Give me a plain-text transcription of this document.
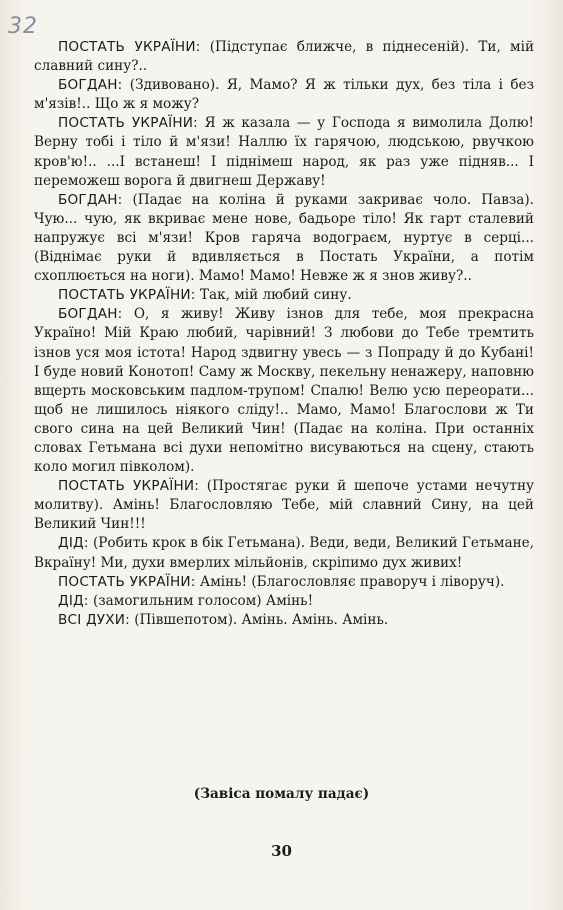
32

ПОСТАТЬ УКРАЇНИ: (Підступає ближче, в піднесеній). Ти, мій славний сину?..

БОГДАН: (Здивовано). Я, Мамо? Я ж тільки дух, без тіла і без м'язів!.. Що ж я можу?

ПОСТАТЬ УКРАЇНИ: Я ж казала — у Господа я вимолила Долю! Верну тобі і тіло й м'язи! Наллю їх гарячою, людською, рвучкою кров'ю!.. ...І встанеш! І піднімеш народ, як раз уже підняв... І переможеш ворога й двигнеш Державу!

БОГДАН: (Падає на коліна й руками закриває чоло. Павза). Чую... чую, як вкриває мене нове, бадьоре тіло! Як гарт сталевий напружує всі м'язи! Кров гаряча водограєм, нуртує в серці... (Віднімає руки й вдивляється в Постать України, а потім схоплюється на ноги). Мамо! Мамо! Невже ж я знов живу?..

ПОСТАТЬ УКРАЇНИ: Так, мій любий сину.

БОГДАН: О, я живу! Живу ізнов для тебе, моя прекрасна Україно! Мій Краю любий, чарівний! З любови до Тебе тремтить ізнов уся моя істота! Народ здвигну увесь — з Попраду й до Кубані! І буде новий Конотоп! Саму ж Москву, пекельну ненажеру, наповню вщерть московським падлом-трупом! Спалю! Велю усю переорати... щоб не лишилось ніякого сліду!.. Мамо, Мамо! Благослови ж Ти свого сина на цей Великий Чин! (Падає на коліна. При останніх словах Гетьмана всі духи непомітно висуваються на сцену, стають коло могил півколом).

ПОСТАТЬ УКРАЇНИ: (Простягає руки й шепоче устами нечутну молитву). Амінь! Благословляю Тебе, мій славний Сину, на цей Великий Чин!!!

ДІД: (Робить крок в бік Гетьмана). Веди, веди, Великий Гетьмане, Вкраїну! Ми, духи вмерлих мільйонів, скріпимо дух живих!

ПОСТАТЬ УКРАЇНИ: Амінь! (Благословляє праворуч і ліворуч).

ДІД: (замогильним голосом) Амінь!

ВСІ ДУХИ: (Півшепотом). Амінь. Амінь. Амінь.

(Завіса помалу падає)
30
